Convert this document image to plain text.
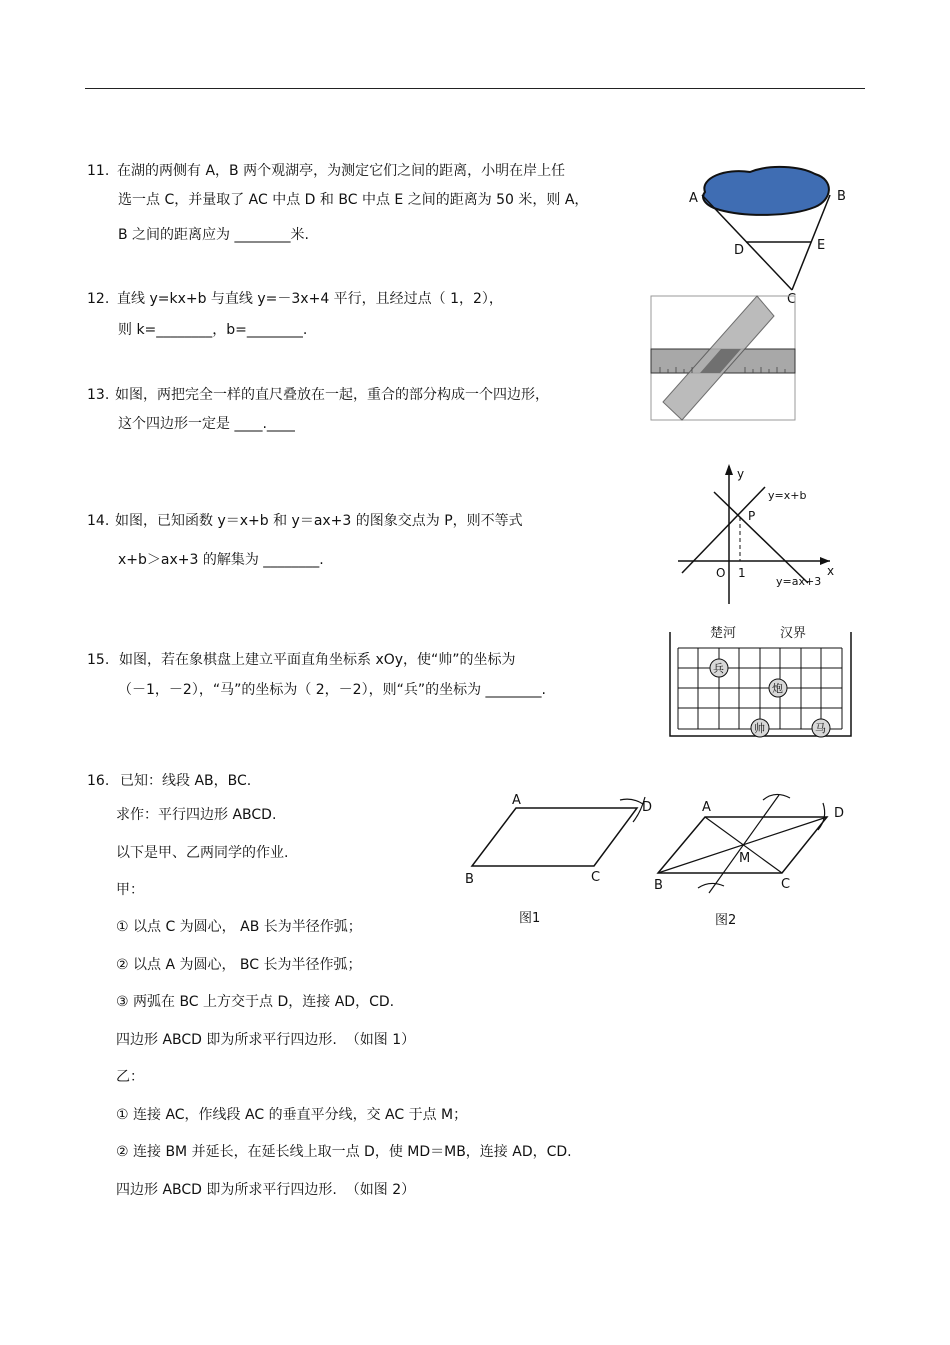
11. 在湖的两侧有 A，B 两个观湖亭，为测定它们之间的距离，小明在岸上任
选一点 C，并量取了 AC 中点 D 和 BC 中点 E 之间的距离为 50 米，则 A，
B 之间的距离应为 ________米.
12. 直线 y=kx+b 与直线 y=－3x+4 平行，且经过点（ 1，2），
则 k=________，b=________.
13. 如图，两把完全一样的直尺叠放在一起，重合的部分构成一个四边形，
这个四边形一定是 ____.____
14. 如图，已知函数 y＝x+b 和 y＝ax+3 的图象交点为 P，则不等式
x+b＞ax+3 的解集为 ________.
15. 如图，若在象棋盘上建立平面直角坐标系 xOy，使“帅”的坐标为
（－1，－2），“马”的坐标为（ 2，－2），则“兵”的坐标为 ________.
16. 已知：线段 AB，BC.
求作：平行四边形 ABCD.
以下是甲、乙两同学的作业.
甲：
① 以点 C 为圆心， AB 长为半径作弧；
② 以点 A 为圆心， BC 长为半径作弧；
③ 两弧在 BC 上方交于点 D，连接 AD，CD.
四边形 ABCD 即为所求平行四边形.  （如图 1）
乙：
① 连接 AC，作线段 AC 的垂直平分线，交 AC 于点 M；
② 连接 BM 并延长，在延长线上取一点 D，使 MD＝MB，连接 AD，CD.
四边形 ABCD 即为所求平行四边形.  （如图 2）
A	B
C
D	E
y
x
O 1
P
y=x+b
y=ax+3
楚河	汉界
兵
炮
帅	马
A	D
B	C
图1
A	D
M
B	C
图2
